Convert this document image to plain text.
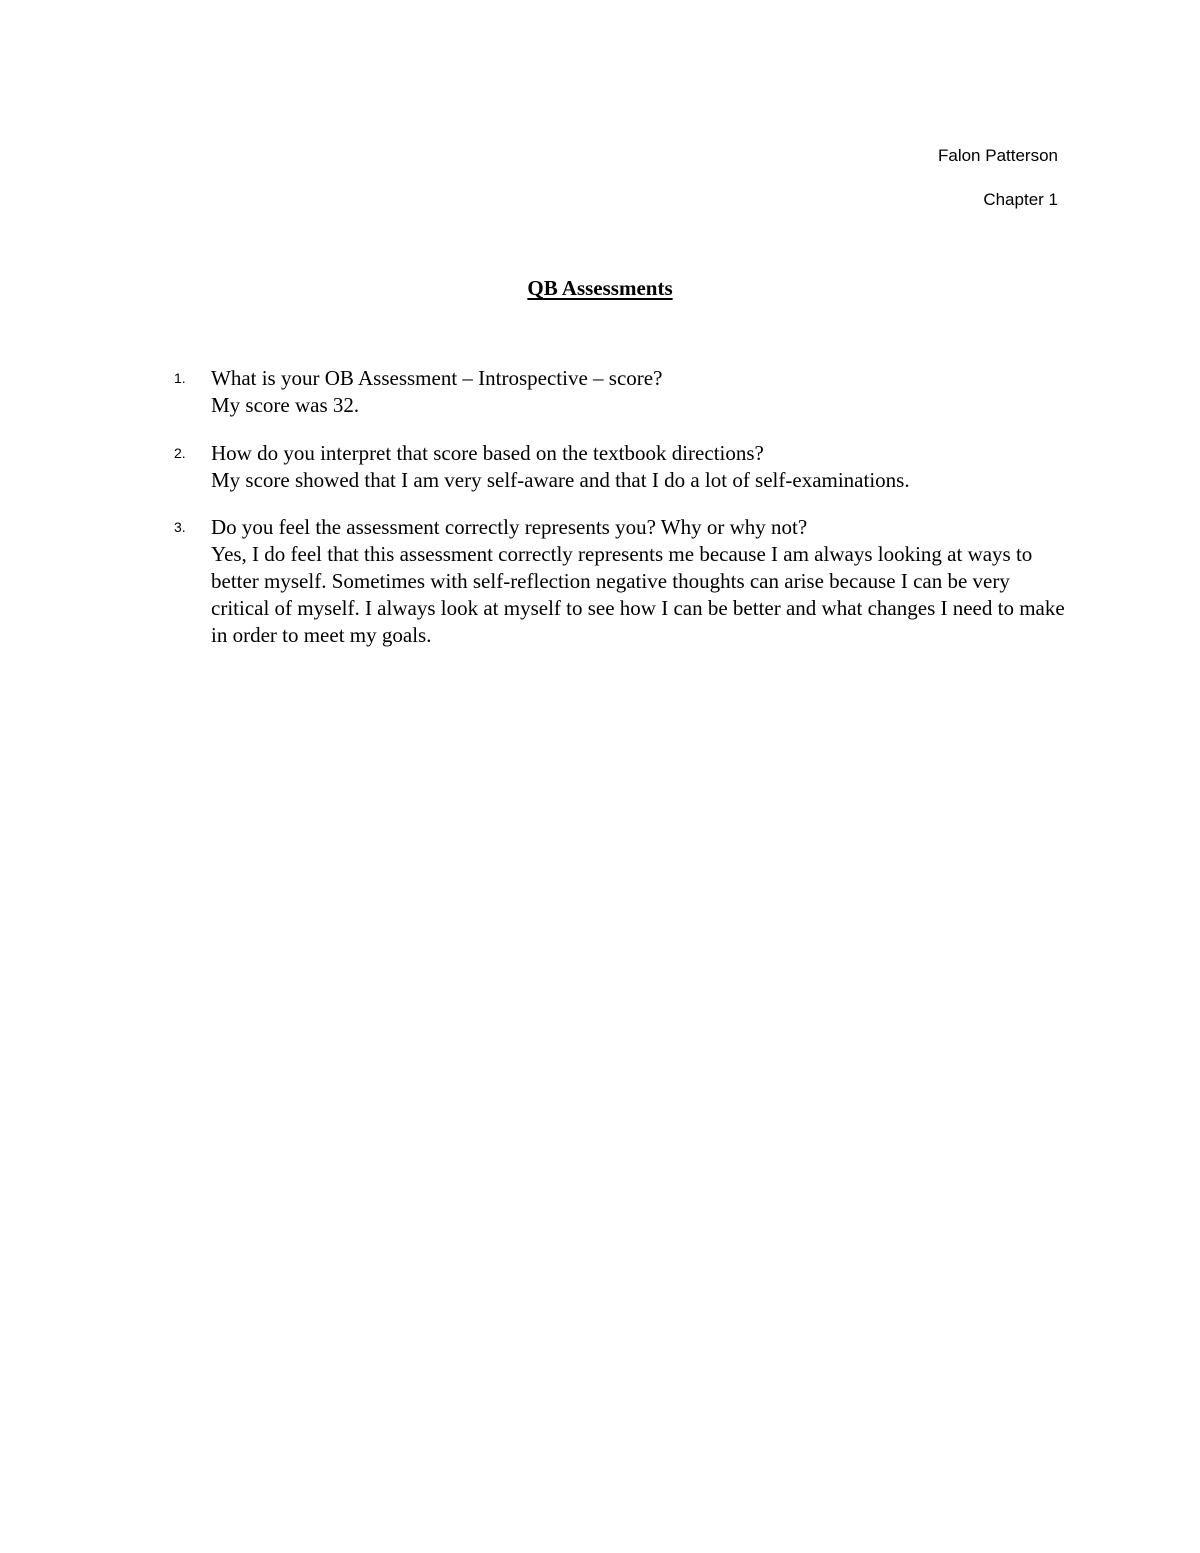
Falon Patterson
Chapter 1
QB Assessments
1. What is your OB Assessment – Introspective – score?

My score was 32.

2. How do you interpret that score based on the textbook directions?

My score showed that I am very self-aware and that I do a lot of self-examinations.

3. Do you feel the assessment correctly represents you? Why or why not?

Yes, I do feel that this assessment correctly represents me because I am always looking at ways to better myself. Sometimes with self-reflection negative thoughts can arise because I can be very critical of myself. I always look at myself to see how I can be better and what changes I need to make in order to meet my goals.
